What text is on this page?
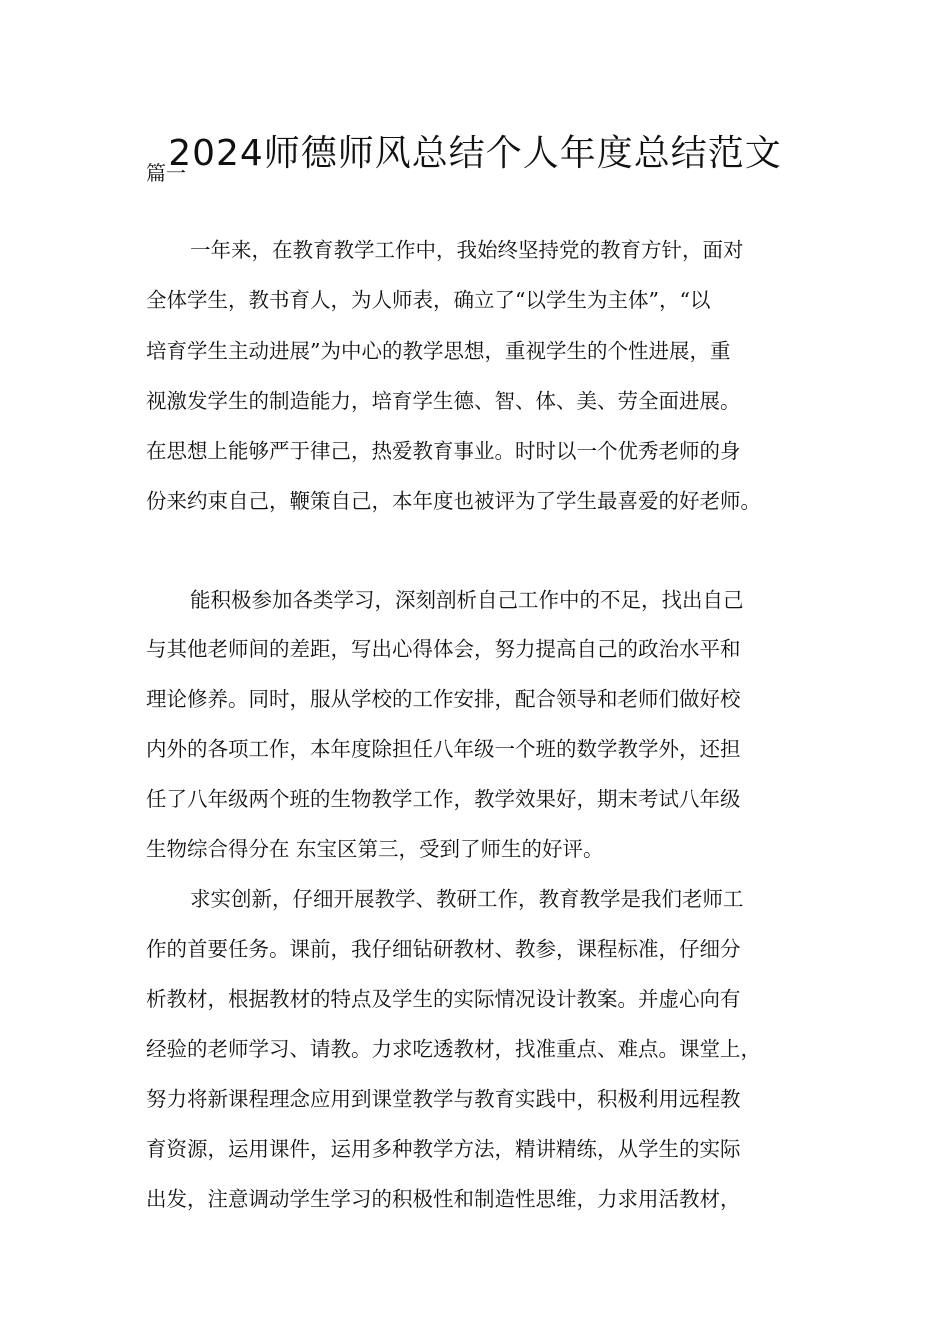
2024师德师风总结个人年度总结范文
篇一
一年来，在教育教学工作中，我始终坚持党的教育方针，面对
全体学生，教书育人，为人师表，确立了“以学生为主体”，“以
培育学生主动进展”为中心的教学思想，重视学生的个性进展，重
视激发学生的制造能力，培育学生德、智、体、美、劳全面进展。
在思想上能够严于律己，热爱教育事业。时时以一个优秀老师的身
份来约束自己，鞭策自己，本年度也被评为了学生最喜爱的好老师。
能积极参加各类学习，深刻剖析自己工作中的不足，找出自己
与其他老师间的差距，写出心得体会，努力提高自己的政治水平和
理论修养。同时，服从学校的工作安排，配合领导和老师们做好校
内外的各项工作，本年度除担任八年级一个班的数学教学外，还担
任了八年级两个班的生物教学工作，教学效果好，期末考试八年级
生物综合得分在 东宝区第三，受到了师生的好评。
求实创新，仔细开展教学、教研工作，教育教学是我们老师工
作的首要任务。课前，我仔细钻研教材、教参，课程标准，仔细分
析教材，根据教材的特点及学生的实际情况设计教案。并虚心向有
经验的老师学习、请教。力求吃透教材，找准重点、难点。课堂上，
努力将新课程理念应用到课堂教学与教育实践中，积极利用远程教
育资源，运用课件，运用多种教学方法，精讲精练，从学生的实际
出发，注意调动学生学习的积极性和制造性思维，力求用活教材，
